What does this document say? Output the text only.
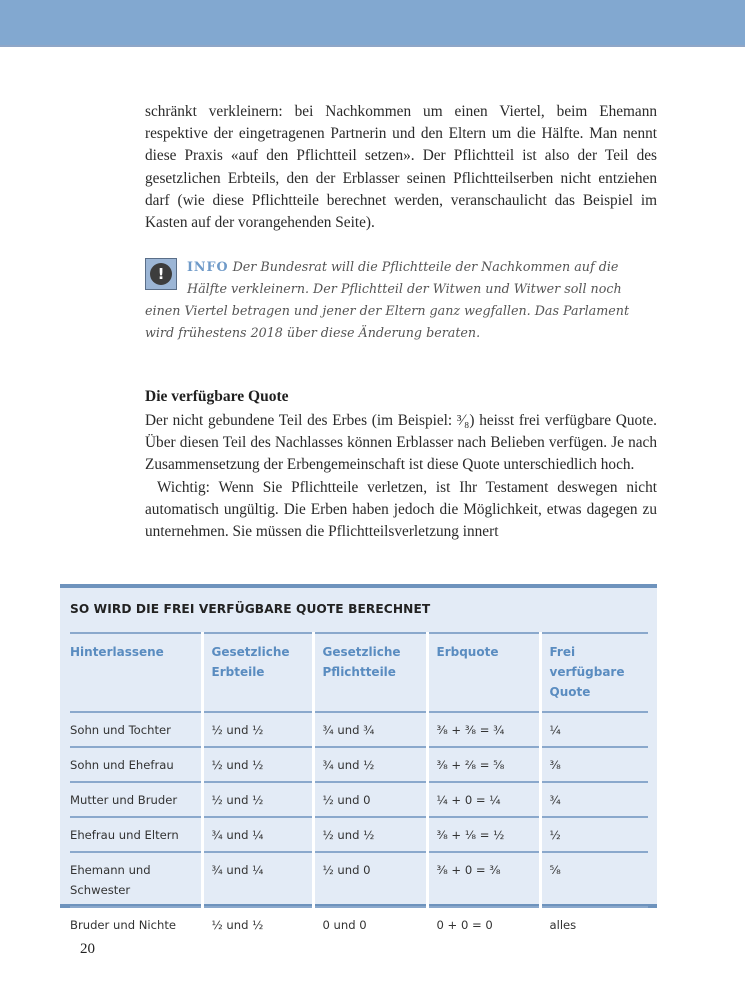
schränkt verkleinern: bei Nachkommen um einen Viertel, beim Ehemann respektive der eingetragenen Partnerin und den Eltern um die Hälfte. Man nennt diese Praxis «auf den Pflichtteil setzen». Der Pflichtteil ist also der Teil des gesetzlichen Erbteils, den der Erblasser seinen Pflichtteilserben nicht entziehen darf (wie diese Pflichtteile berechnet werden, veranschaulicht das Beispiel im Kasten auf der vorangehenden Seite).
!	INFO Der Bundesrat will die Pflichtteile der Nachkommen auf die Hälfte verkleinern. Der Pflichtteil der Witwen und Witwer soll noch einen Viertel betragen und jener der Eltern ganz wegfallen. Das Parlament wird frühestens 2018 über diese Änderung beraten.
Die verfügbare Quote
Der nicht gebundene Teil des Erbes (im Beispiel: ³⁄₈) heisst frei verfügbare Quote. Über diesen Teil des Nachlasses können Erblasser nach Belieben verfügen. Je nach Zusammensetzung der Erbengemeinschaft ist diese Quote unterschiedlich hoch.
Wichtig: Wenn Sie Pflichtteile verletzen, ist Ihr Testament deswegen nicht automatisch ungültig. Die Erben haben jedoch die Möglichkeit, etwas dagegen zu unternehmen. Sie müssen die Pflichtteilsverletzung innert
SO WIRD DIE FREI VERFÜGBARE QUOTE BERECHNET
Hinterlassene	Gesetzliche Erbteile	Gesetzliche Pflichtteile	Erbquote	Frei verfügbare Quote
Sohn und Tochter	½ und ½	¾ und ¾	³⁄₈ + ³⁄₈ = ¾	¼
Sohn und Ehefrau	½ und ½	¾ und ½	³⁄₈ + ²⁄₈ = ⁵⁄₈	³⁄₈
Mutter und Bruder	½ und ½	½ und 0	¼ + 0 = ¼	¾
Ehefrau und Eltern	¾ und ¼	½ und ½	³⁄₈ + ¹⁄₈ = ½	½
Ehemann und Schwester	¾ und ¼	½ und 0	³⁄₈ + 0 = ³⁄₈	⁵⁄₈
Bruder und Nichte	½ und ½	0 und 0	0 + 0 = 0	alles
20
